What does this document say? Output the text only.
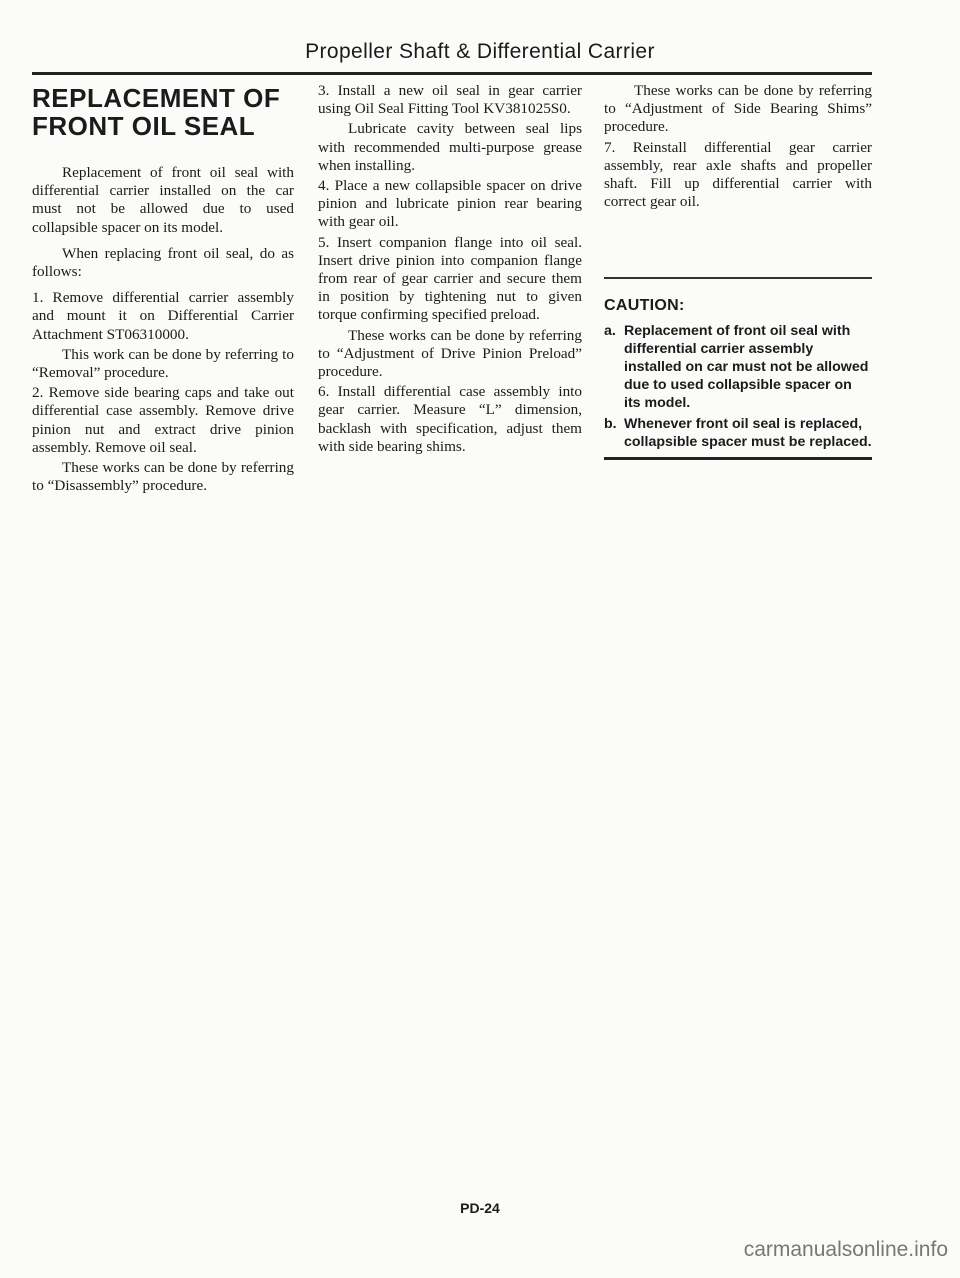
Propeller Shaft & Differential Carrier
REPLACEMENT OF FRONT OIL SEAL

Replacement of front oil seal with differential carrier installed on the car must not be allowed due to used collapsible spacer on its model.

When replacing front oil seal, do as follows:

1. Remove differential carrier assembly and mount it on Differential Carrier Attachment ST06310000.

This work can be done by referring to “Removal” procedure.

2. Remove side bearing caps and take out differential case assembly. Remove drive pinion nut and extract drive pinion assembly. Remove oil seal.

These works can be done by referring to “Disassembly” procedure.

3. Install a new oil seal in gear carrier using Oil Seal Fitting Tool KV381025S0.

Lubricate cavity between seal lips with recommended multi-purpose grease when installing.

4. Place a new collapsible spacer on drive pinion and lubricate pinion rear bearing with gear oil.

5. Insert companion flange into oil seal. Insert drive pinion into companion flange from rear of gear carrier and secure them in position by tightening nut to given torque confirming specified preload.

These works can be done by referring to “Adjustment of Drive Pinion Preload” procedure.

6. Install differential case assembly into gear carrier. Measure “L” dimension, backlash with specification, adjust them with side bearing shims.

These works can be done by referring to “Adjustment of Side Bearing Shims” procedure.

7. Reinstall differential gear carrier assembly, rear axle shafts and propeller shaft. Fill up differential carrier with correct gear oil.

CAUTION:
a. Replacement of front oil seal with differential carrier assembly installed on car must not be allowed due to used collapsible spacer on its model.
b. Whenever front oil seal is replaced, collapsible spacer must be replaced.
PD-24
carmanualsonline.info
